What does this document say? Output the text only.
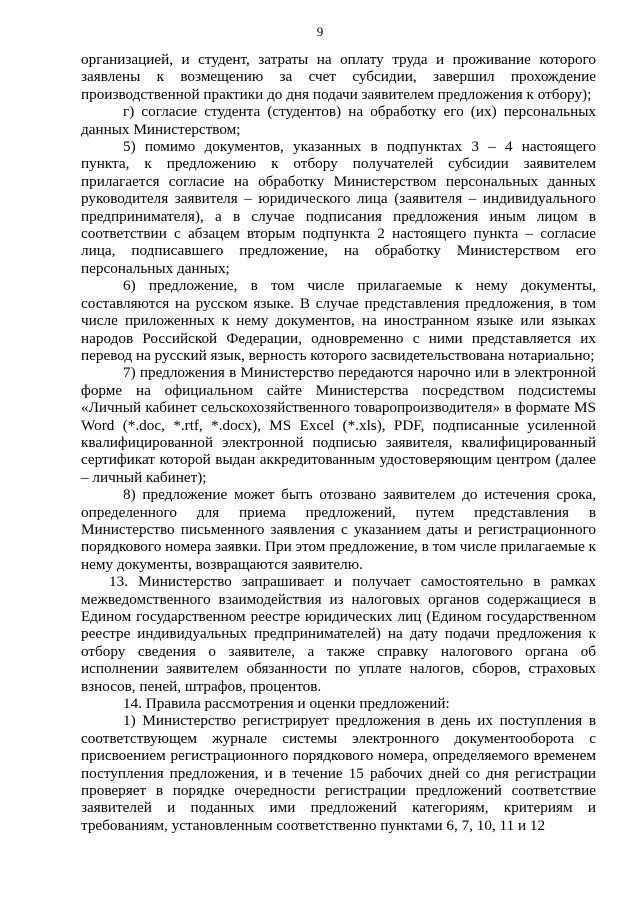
9

организацией, и студент, затраты на оплату труда и проживание которого заявлены к возмещению за счет субсидии, завершил прохождение производственной практики до дня подачи заявителем предложения к отбору);

г) согласие студента (студентов) на обработку его (их) персональных данных Министерством;

5) помимо документов, указанных в подпунктах 3 – 4 настоящего пункта, к предложению к отбору получателей субсидии заявителем прилагается согласие на обработку Министерством персональных данных руководителя заявителя – юридического лица (заявителя – индивидуального предпринимателя), а в случае подписания предложения иным лицом в соответствии с абзацем вторым подпункта 2 настоящего пункта – согласие лица, подписавшего предложение, на обработку Министерством его персональных данных;

6) предложение, в том числе прилагаемые к нему документы, составляются на русском языке. В случае представления предложения, в том числе приложенных к нему документов, на иностранном языке или языках народов Российской Федерации, одновременно с ними представляется их перевод на русский язык, верность которого засвидетельствована нотариально;

7) предложения в Министерство передаются нарочно или в электронной форме на официальном сайте Министерства посредством подсистемы «Личный кабинет сельскохозяйственного товаропроизводителя» в формате MS Word (*.doc, *.rtf, *.docx), MS Excel (*.xls), PDF, подписанные усиленной квалифицированной электронной подписью заявителя, квалифицированный сертификат которой выдан аккредитованным удостоверяющим центром (далее – личный кабинет);

8) предложение может быть отозвано заявителем до истечения срока, определенного для приема предложений, путем представления в Министерство письменного заявления с указанием даты и регистрационного порядкового номера заявки. При этом предложение, в том числе прилагаемые к нему документы, возвращаются заявителю.

13. Министерство запрашивает и получает самостоятельно в рамках межведомственного взаимодействия из налоговых органов содержащиеся в Едином государственном реестре юридических лиц (Едином государственном реестре индивидуальных предпринимателей) на дату подачи предложения к отбору сведения о заявителе, а также справку налогового органа об исполнении заявителем обязанности по уплате налогов, сборов, страховых взносов, пеней, штрафов, процентов.

14. Правила рассмотрения и оценки предложений:

1) Министерство регистрирует предложения в день их поступления в соответствующем журнале системы электронного документооборота с присвоением регистрационного порядкового номера, определяемого временем поступления предложения, и в течение 15 рабочих дней со дня регистрации проверяет в порядке очередности регистрации предложений соответствие заявителей и поданных ими предложений категориям, критериям и требованиям, установленным соответственно пунктами 6, 7, 10, 11 и 12
